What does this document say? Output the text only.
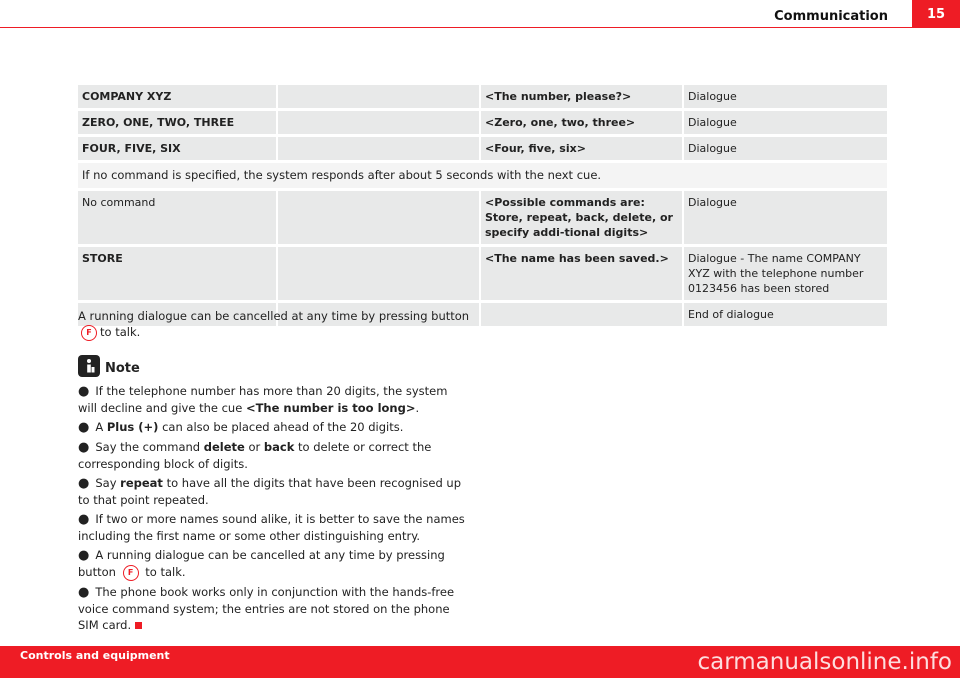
Communication	15
COMPANY XYZ		<The number, please?>	Dialogue
ZERO, ONE, TWO, THREE		<Zero, one, two, three>	Dialogue
FOUR, FIVE, SIX		<Four, five, six>	Dialogue
If no command is specified, the system responds after about 5 seconds with the next cue.			
No command		<Possible commands are: Store, repeat, back, delete, or specify addi-tional digits>	Dialogue
STORE		<The name has been saved.>	Dialogue - The name COMPANY XYZ with the telephone number 0123456 has been stored
			End of dialogue
A running dialogue can be cancelled at any time by pressing buttonF to talk.
Note
● If the telephone number has more than 20 digits, the system will decline and give the cue <The number is too long>.
● A Plus (+) can also be placed ahead of the 20 digits.
● Say the command delete or back to delete or correct the corresponding block of digits.
● Say repeat to have all the digits that have been recognised up to that point repeated.
● If two or more names sound alike, it is better to save the names including the first name or some other distinguishing entry.
● A running dialogue can be cancelled at any time by pressing button F to talk.
● The phone book works only in conjunction with the hands-free voice command system; the entries are not stored on the phone SIM card.
Controls and equipment	carmanualsonline.info
